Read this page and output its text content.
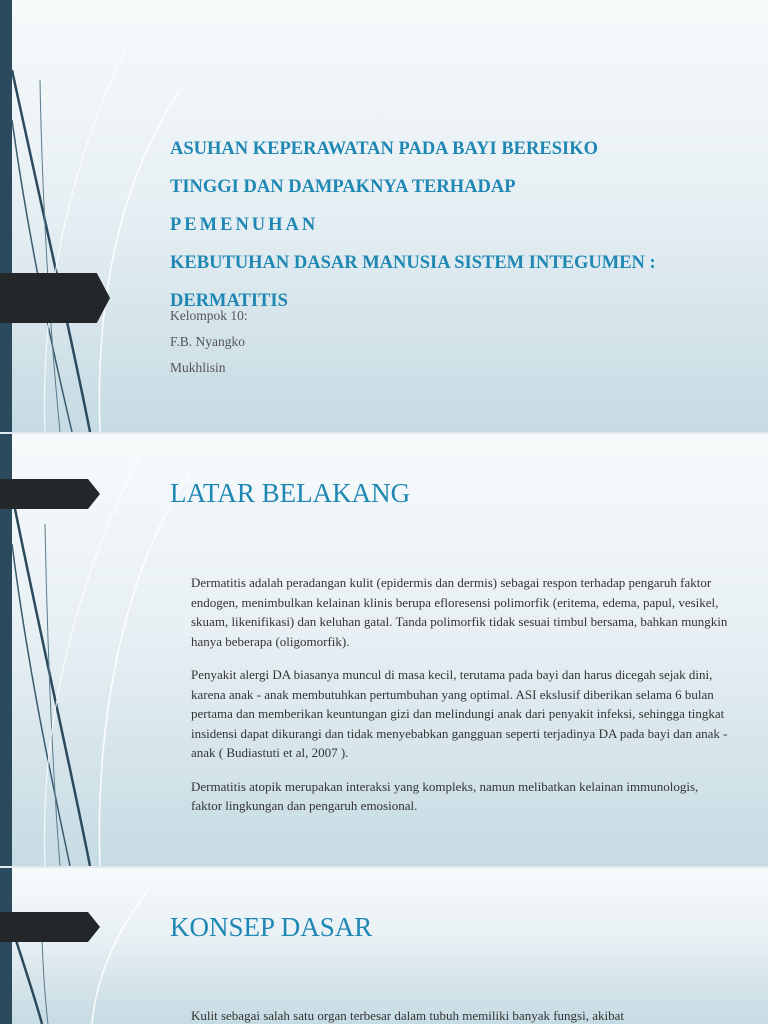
ASUHAN KEPERAWATAN PADA BAYI BERESIKO
TINGGI DAN DAMPAKNYA TERHADAP
PEMENUHAN
KEBUTUHAN DASAR MANUSIA SISTEM INTEGUMEN :
DERMATITIS
Kelompok 10:
F.B. Nyangko
Mukhlisin
LATAR BELAKANG
Dermatitis adalah peradangan kulit (epidermis dan dermis) sebagai respon terhadap pengaruh faktor endogen, menimbulkan kelainan klinis berupa efloresensi polimorfik (eritema, edema, papul, vesikel, skuam, likenifikasi) dan keluhan gatal. Tanda polimorfik tidak sesuai timbul bersama, bahkan mungkin hanya beberapa (oligomorfik).
Penyakit alergi DA biasanya muncul di masa kecil, terutama pada bayi dan harus dicegah sejak dini, karena anak - anak membutuhkan pertumbuhan yang optimal. ASI ekslusif diberikan selama 6 bulan pertama dan memberikan keuntungan gizi dan melindungi anak dari penyakit infeksi, sehingga tingkat insidensi dapat dikurangi dan tidak menyebabkan gangguan seperti terjadinya DA pada bayi dan anak - anak ( Budiastuti et al, 2007 ).
Dermatitis atopik merupakan interaksi yang kompleks, namun melibatkan kelainan immunologis, faktor lingkungan dan pengaruh emosional.
KONSEP DASAR
Kulit sebagai salah satu organ terbesar dalam tubuh memiliki banyak fungsi, akibat
